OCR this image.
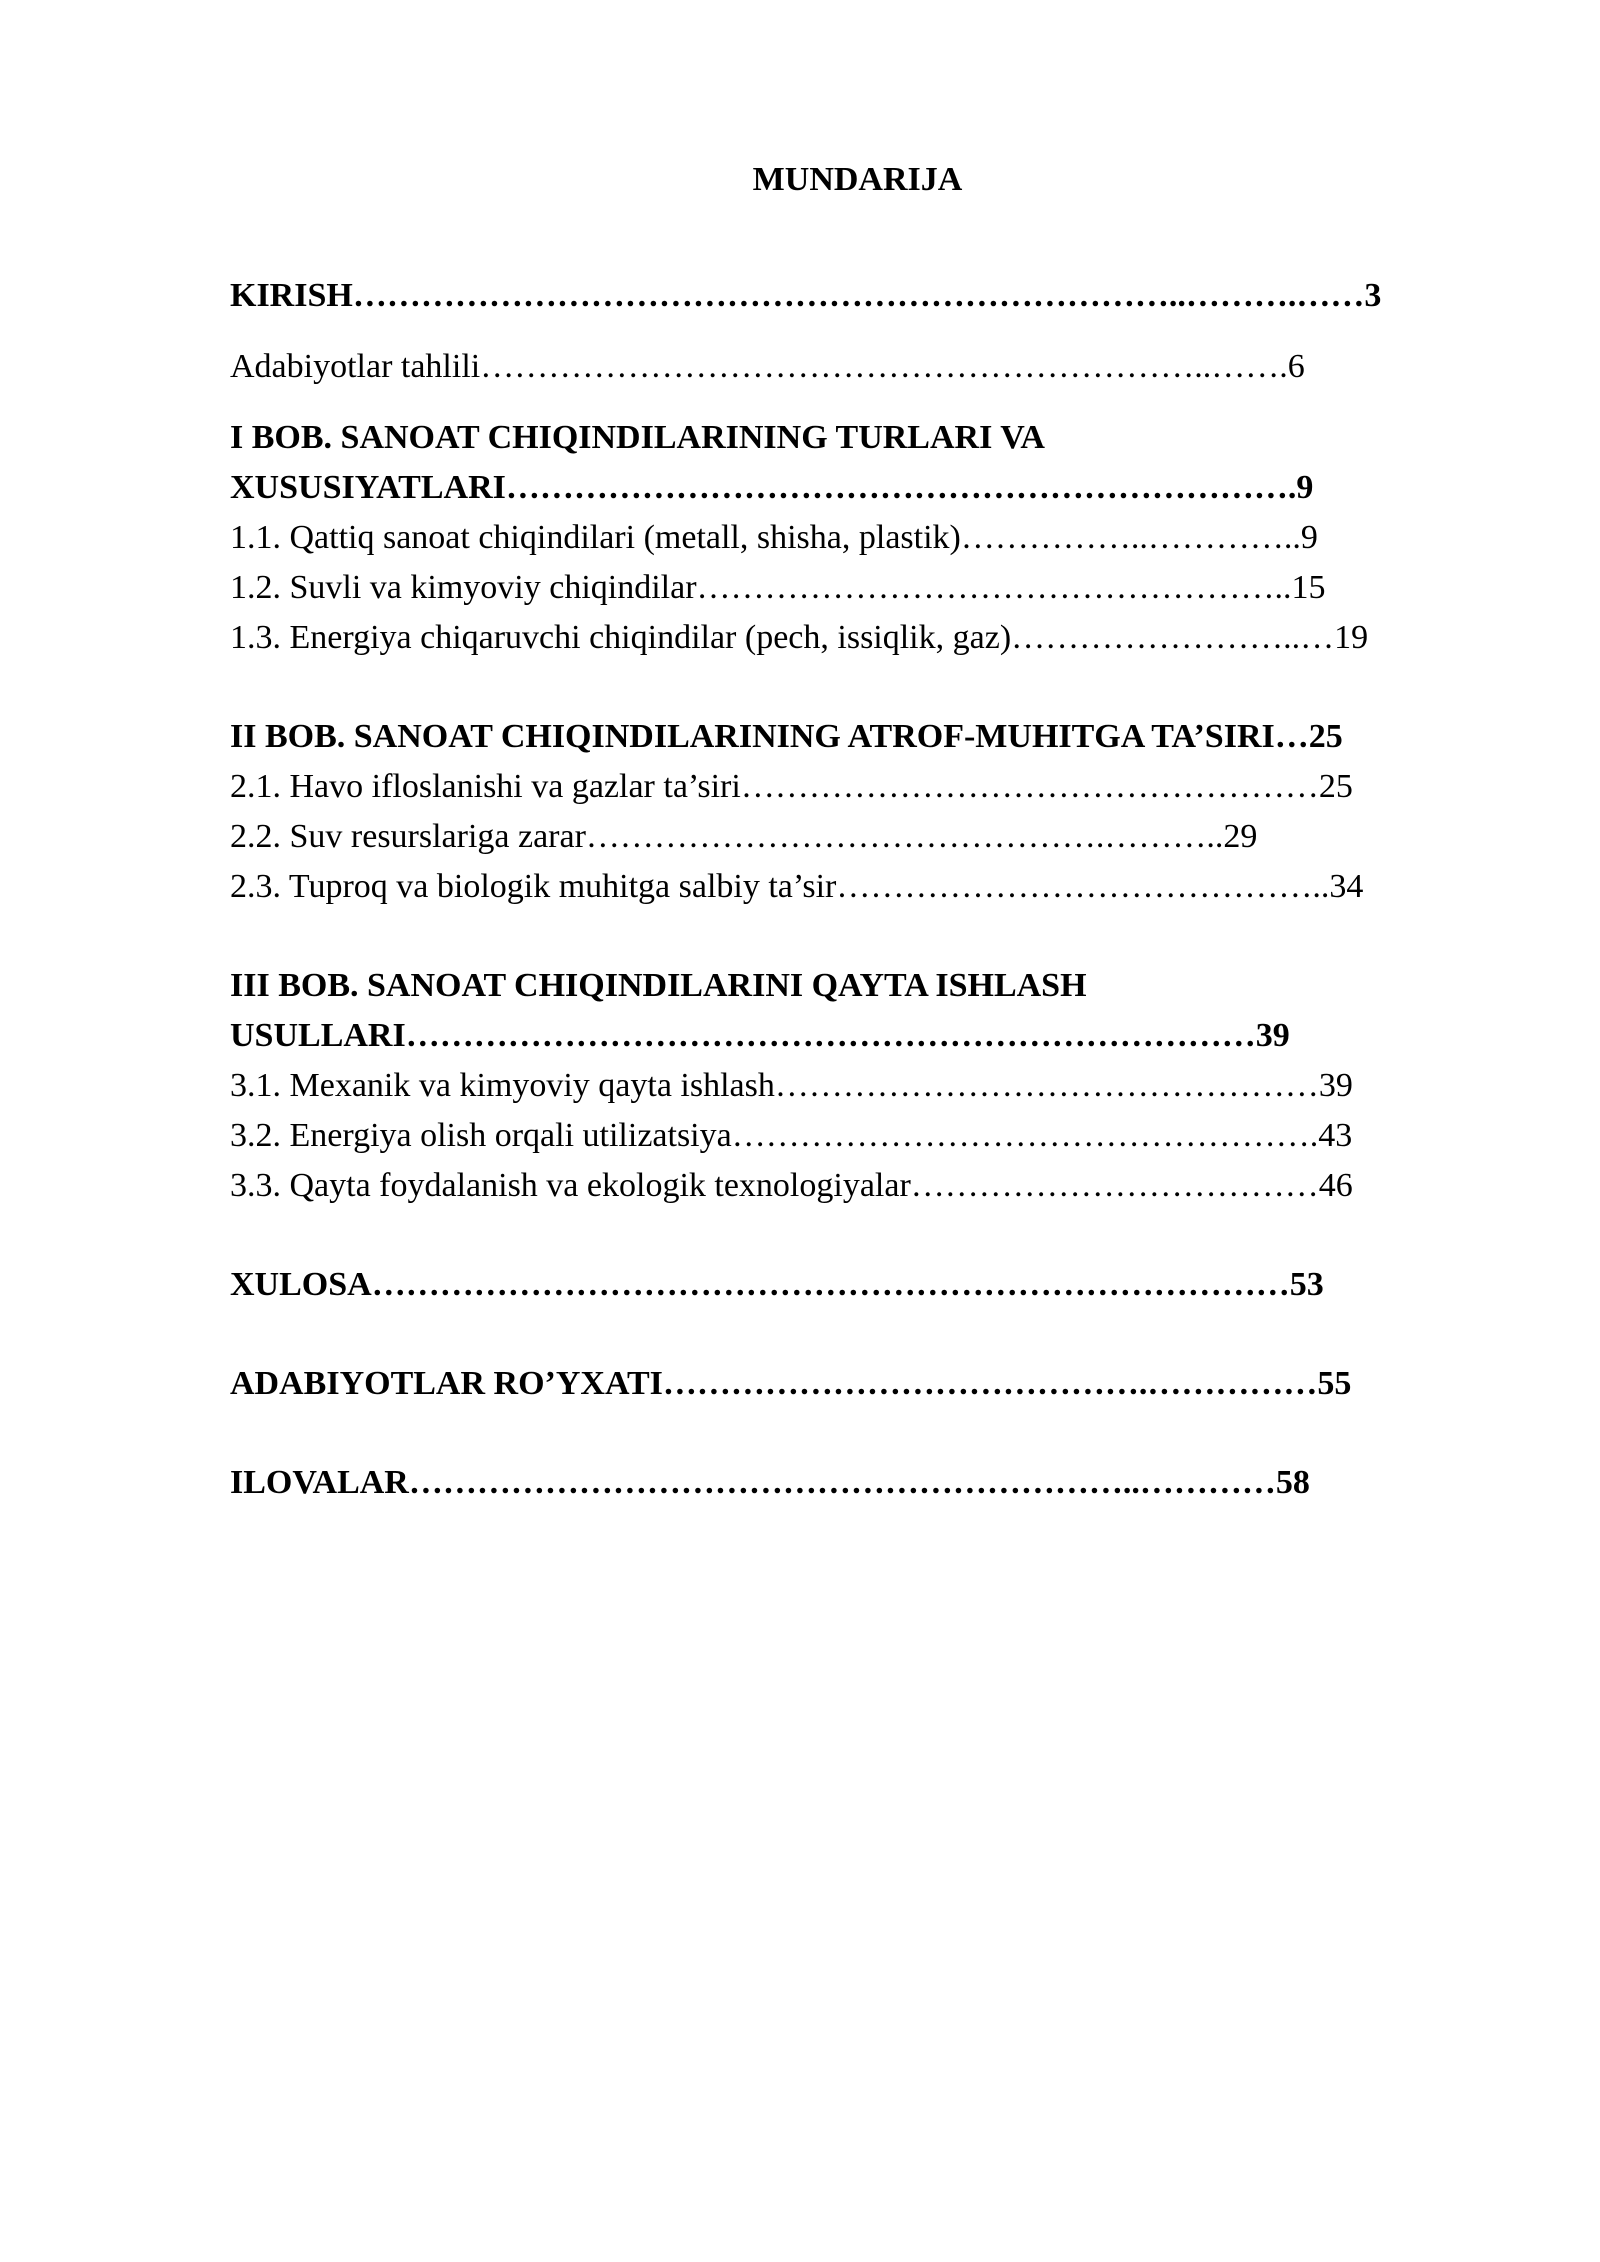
MUNDARIJA
KIRISH………………………………………………………………..……….……3
Adabiyotlar tahlili………………………………………………………..…….6
I BOB. SANOAT CHIQINDILARINING TURLARI VA
XUSUSIYATLARI…………………………………………………………….9
1.1. Qattiq sanoat chiqindilari (metall, shisha, plastik)……………..…………..9
1.2. Suvli va kimyoviy chiqindilar……………………………………………..15
1.3. Energiya chiqaruvchi chiqindilar (pech, issiqlik, gaz)……………………..…19
II BOB. SANOAT CHIQINDILARINING ATROF-MUHITGA TA’SIRI…25
2.1. Havo ifloslanishi va gazlar ta’siri……………………………………………25
2.2. Suv resurslariga zarar……………………………………….………..29
2.3. Tuproq va biologik muhitga salbiy ta’sir……………………………………..34
III BOB. SANOAT CHIQINDILARINI QAYTA ISHLASH
USULLARI…………………………………………………………………39
3.1. Mexanik va kimyoviy qayta ishlash…………………………………………39
3.2. Energiya olish orqali utilizatsiya…………………………………………….43
3.3. Qayta foydalanish va ekologik texnologiyalar………………………………46
XULOSA………………………………………………………………………53
ADABIYOTLAR RO’YXATI…………………………………….……………55
ILOVALAR………………………………………………………..…………58
